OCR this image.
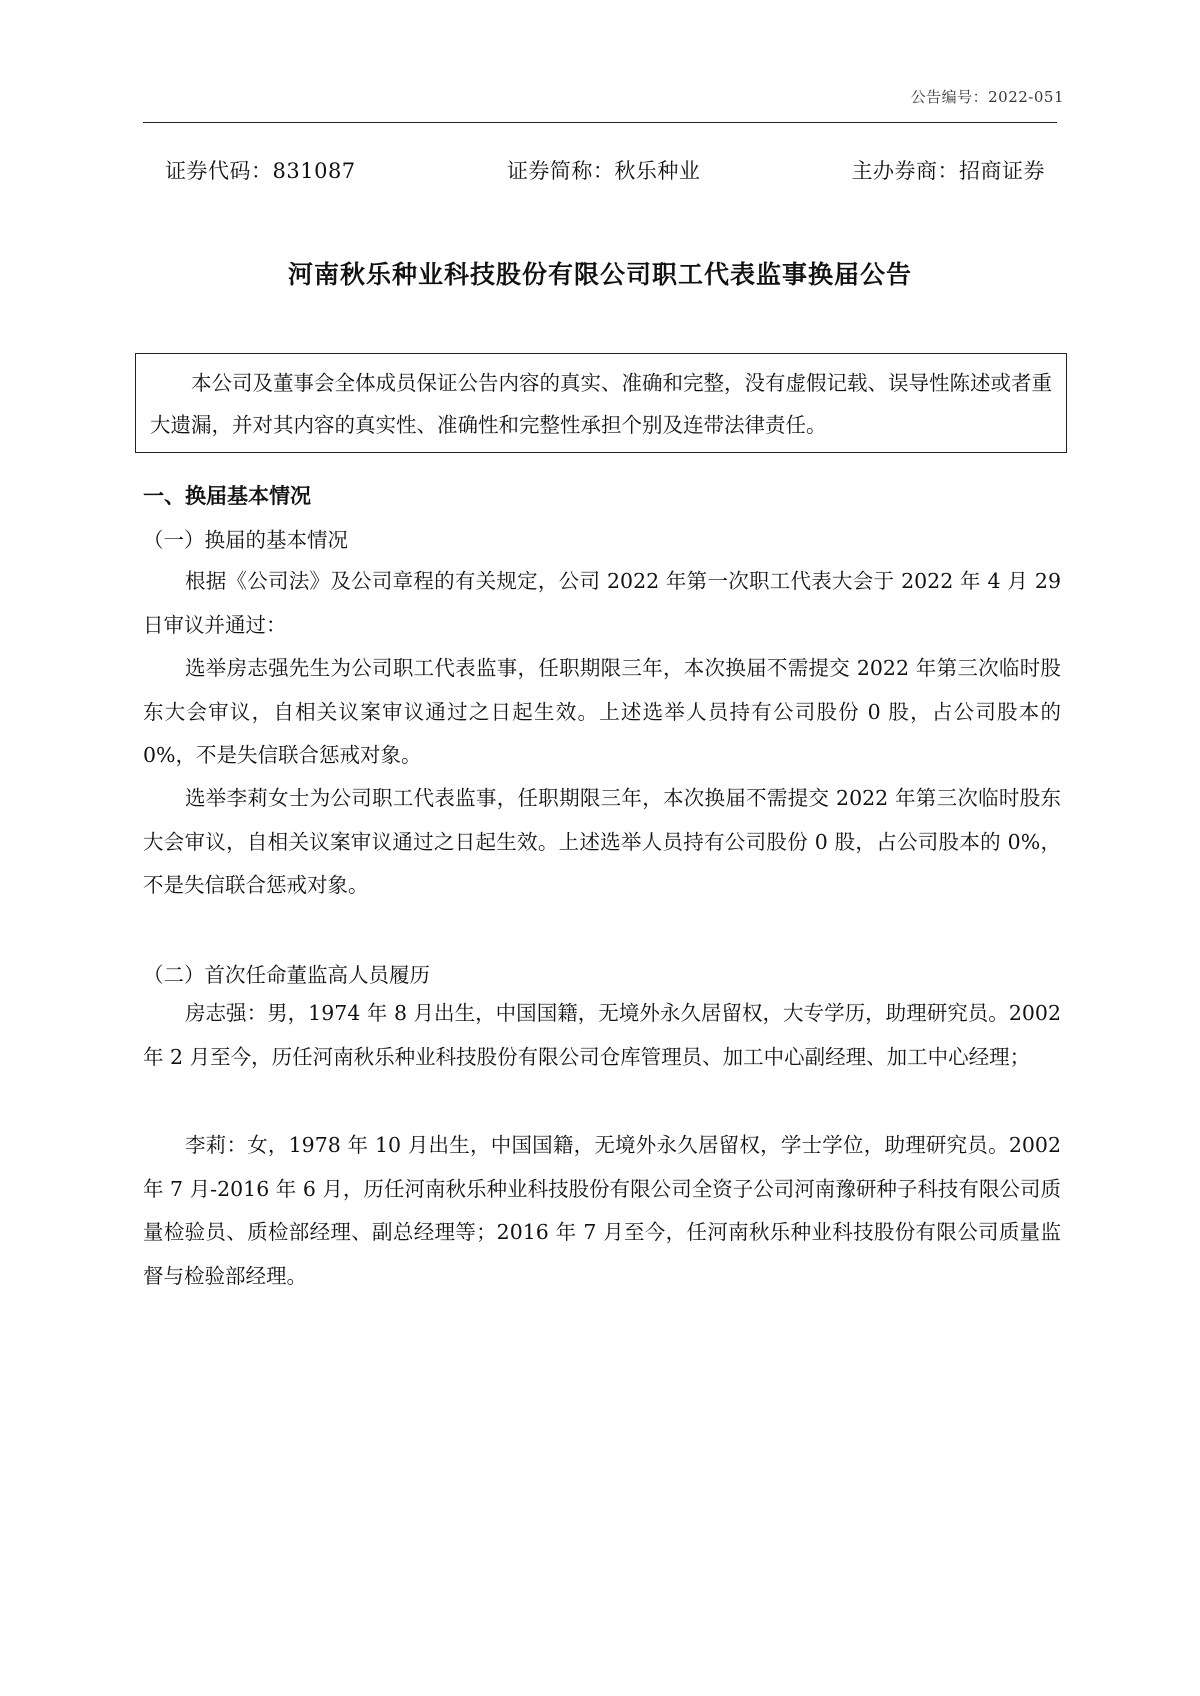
公告编号：2022-051
证券代码：831087	证券简称：秋乐种业	主办券商：招商证券
河南秋乐种业科技股份有限公司职工代表监事换届公告
本公司及董事会全体成员保证公告内容的真实、准确和完整，没有虚假记载、误导性陈述或者重大遗漏，并对其内容的真实性、准确性和完整性承担个别及连带法律责任。
一、换届基本情况
（一）换届的基本情况
根据《公司法》及公司章程的有关规定，公司 2022 年第一次职工代表大会于 2022 年 4 月 29 日审议并通过：
选举房志强先生为公司职工代表监事，任职期限三年，本次换届不需提交 2022 年第三次临时股东大会审议，自相关议案审议通过之日起生效。上述选举人员持有公司股份 0 股，占公司股本的 0%，不是失信联合惩戒对象。
选举李莉女士为公司职工代表监事，任职期限三年，本次换届不需提交 2022 年第三次临时股东大会审议，自相关议案审议通过之日起生效。上述选举人员持有公司股份 0 股，占公司股本的 0%，不是失信联合惩戒对象。
（二）首次任命董监高人员履历
房志强：男，1974 年 8 月出生，中国国籍，无境外永久居留权，大专学历，助理研究员。2002 年 2 月至今，历任河南秋乐种业科技股份有限公司仓库管理员、加工中心副经理、加工中心经理；
李莉：女，1978 年 10 月出生，中国国籍，无境外永久居留权，学士学位，助理研究员。2002 年 7 月-2016 年 6 月，历任河南秋乐种业科技股份有限公司全资子公司河南豫研种子科技有限公司质量检验员、质检部经理、副总经理等；2016 年 7 月至今，任河南秋乐种业科技股份有限公司质量监督与检验部经理。
